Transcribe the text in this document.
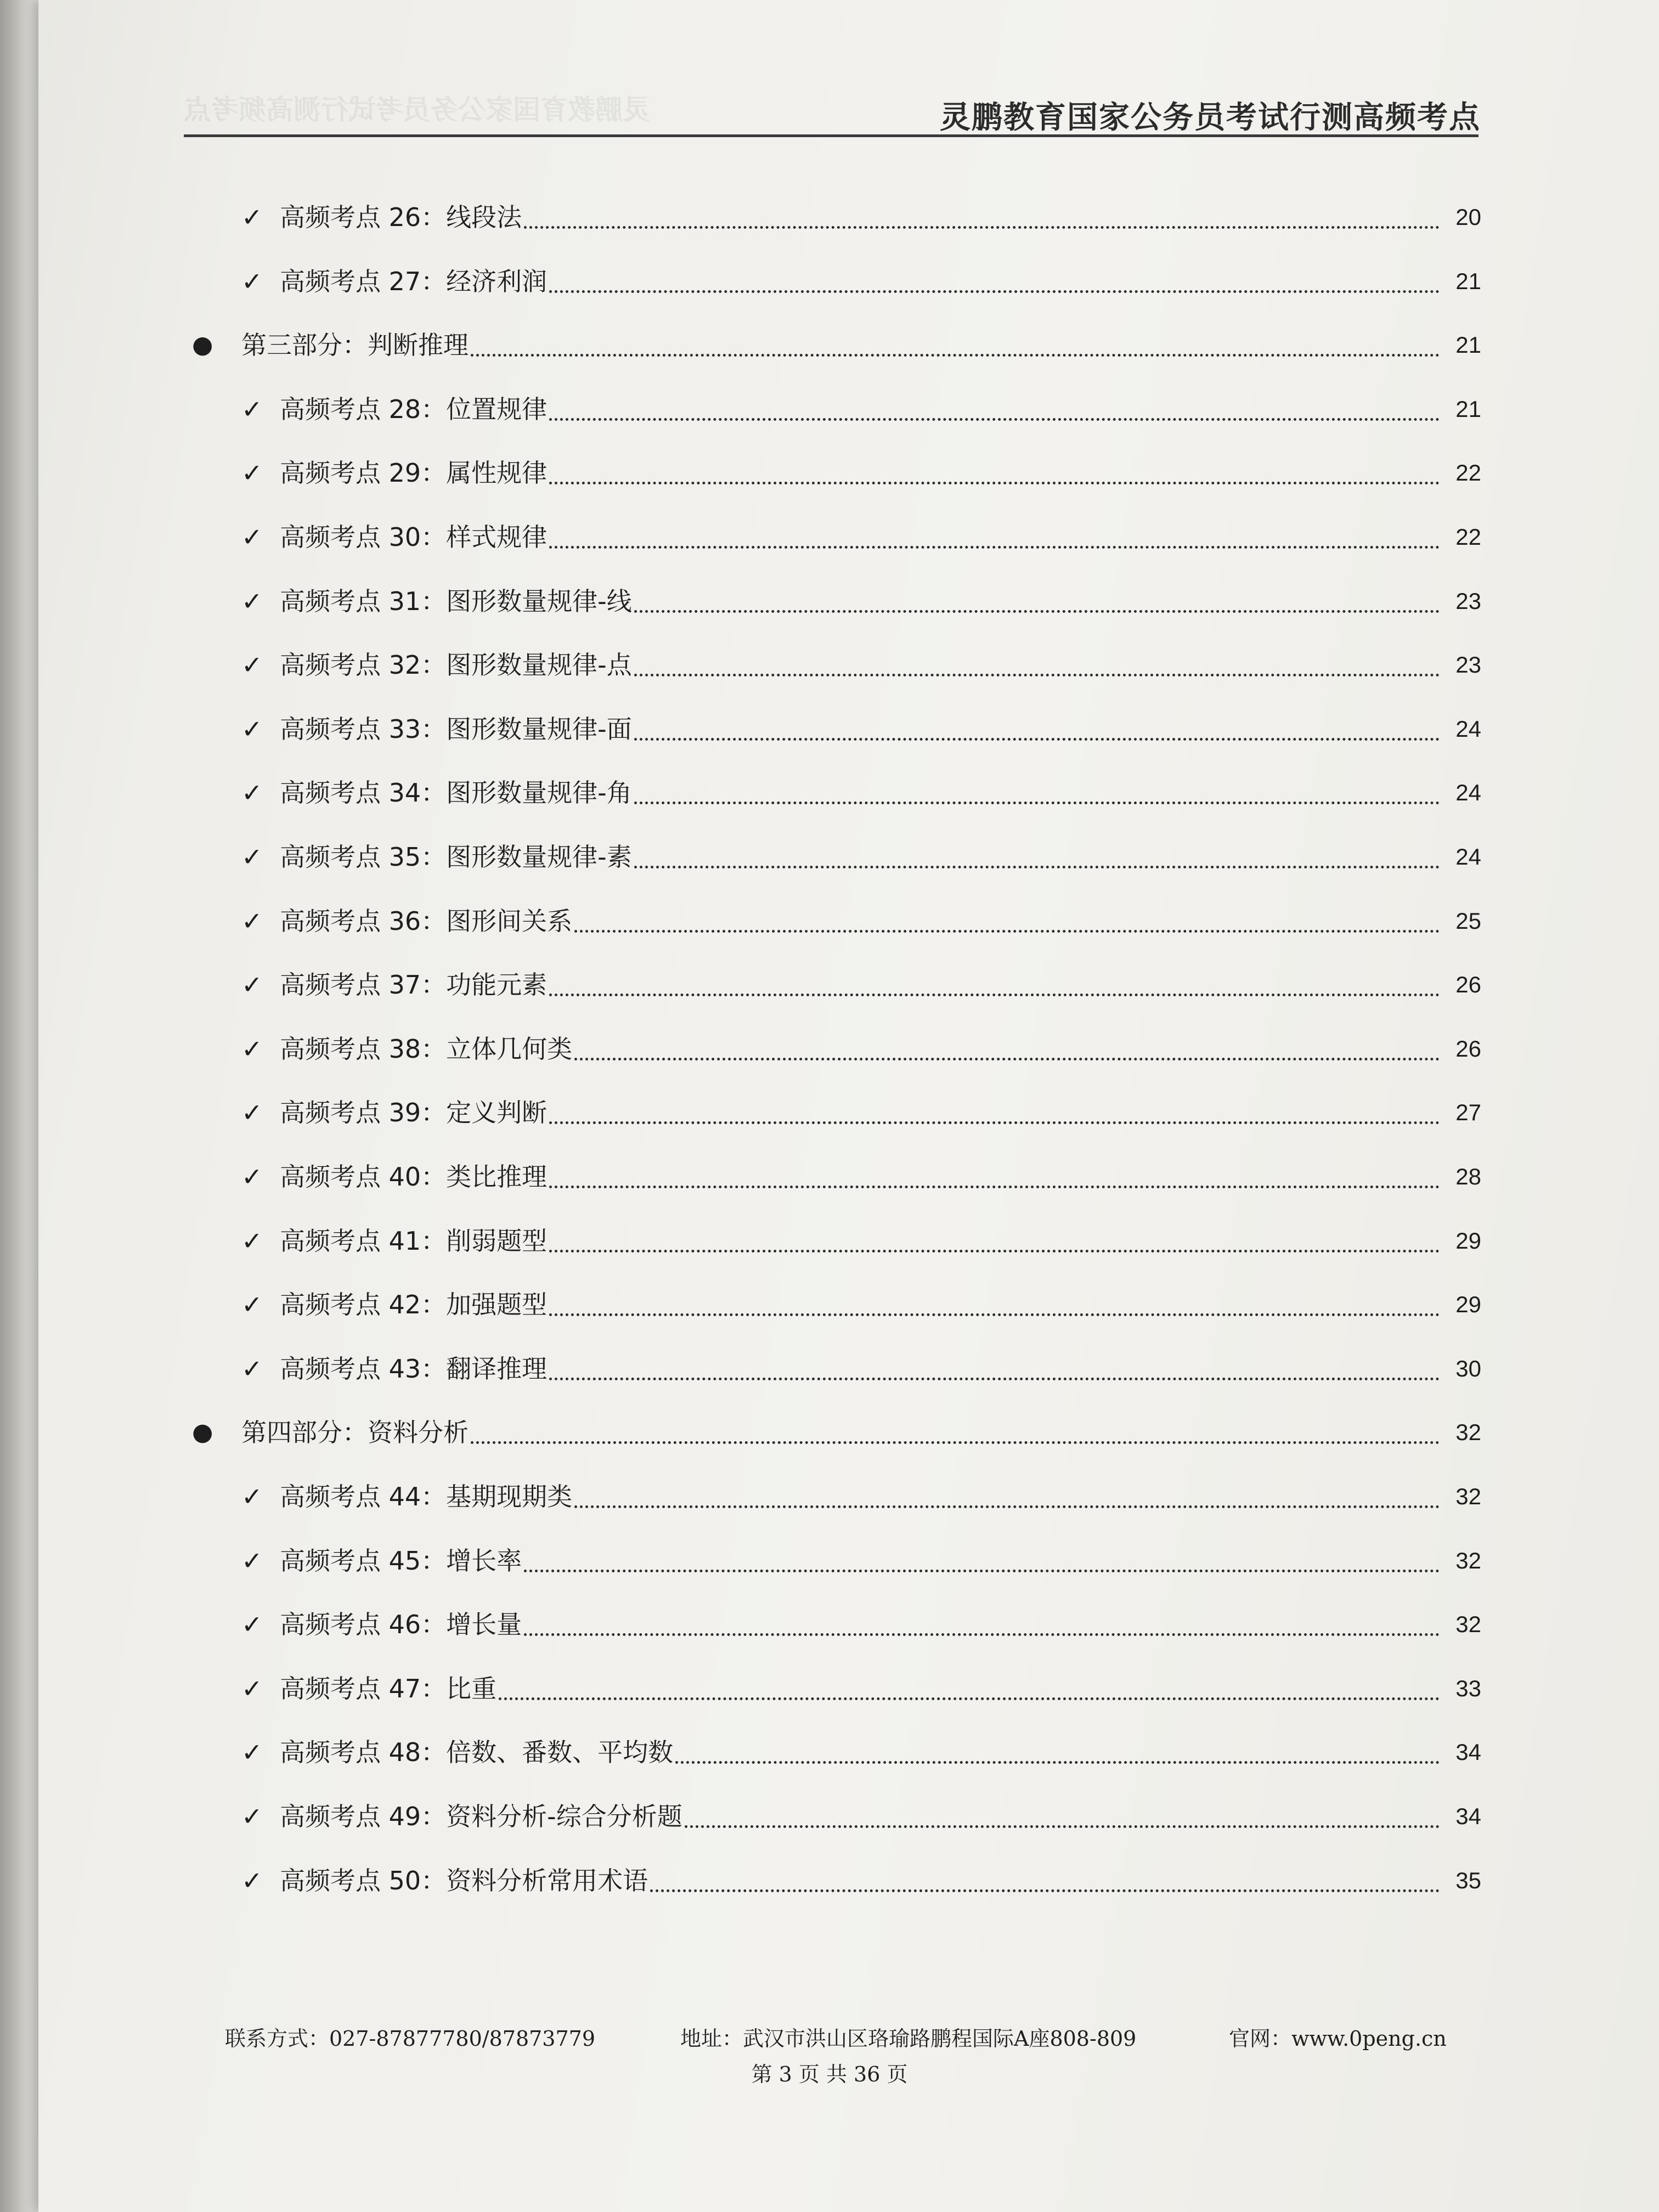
灵鹏教育国家公务员考试行测高频考点	灵鹏教育国家公务员考试行测高频考点
✓ 高频考点 26：线段法	20
✓ 高频考点 27：经济利润	21
●	第三部分：判断推理	21
✓ 高频考点 28：位置规律	21
✓ 高频考点 29：属性规律	22
✓ 高频考点 30：样式规律	22
✓ 高频考点 31：图形数量规律-线	23
✓ 高频考点 32：图形数量规律-点	23
✓ 高频考点 33：图形数量规律-面	24
✓ 高频考点 34：图形数量规律-角	24
✓ 高频考点 35：图形数量规律-素	24
✓ 高频考点 36：图形间关系	25
✓ 高频考点 37：功能元素	26
✓ 高频考点 38：立体几何类	26
✓ 高频考点 39：定义判断	27
✓ 高频考点 40：类比推理	28
✓ 高频考点 41：削弱题型	29
✓ 高频考点 42：加强题型	29
✓ 高频考点 43：翻译推理	30
●	第四部分：资料分析	32
✓ 高频考点 44：基期现期类	32
✓ 高频考点 45：增长率	32
✓ 高频考点 46：增长量	32
✓ 高频考点 47：比重	33
✓ 高频考点 48：倍数、番数、平均数	34
✓ 高频考点 49：资料分析-综合分析题	34
✓ 高频考点 50：资料分析常用术语	35
联系方式：027-87877780/87873779	地址：武汉市洪山区珞瑜路鹏程国际A座808-809	官网：www.0peng.cn
第 3 页 共 36 页
